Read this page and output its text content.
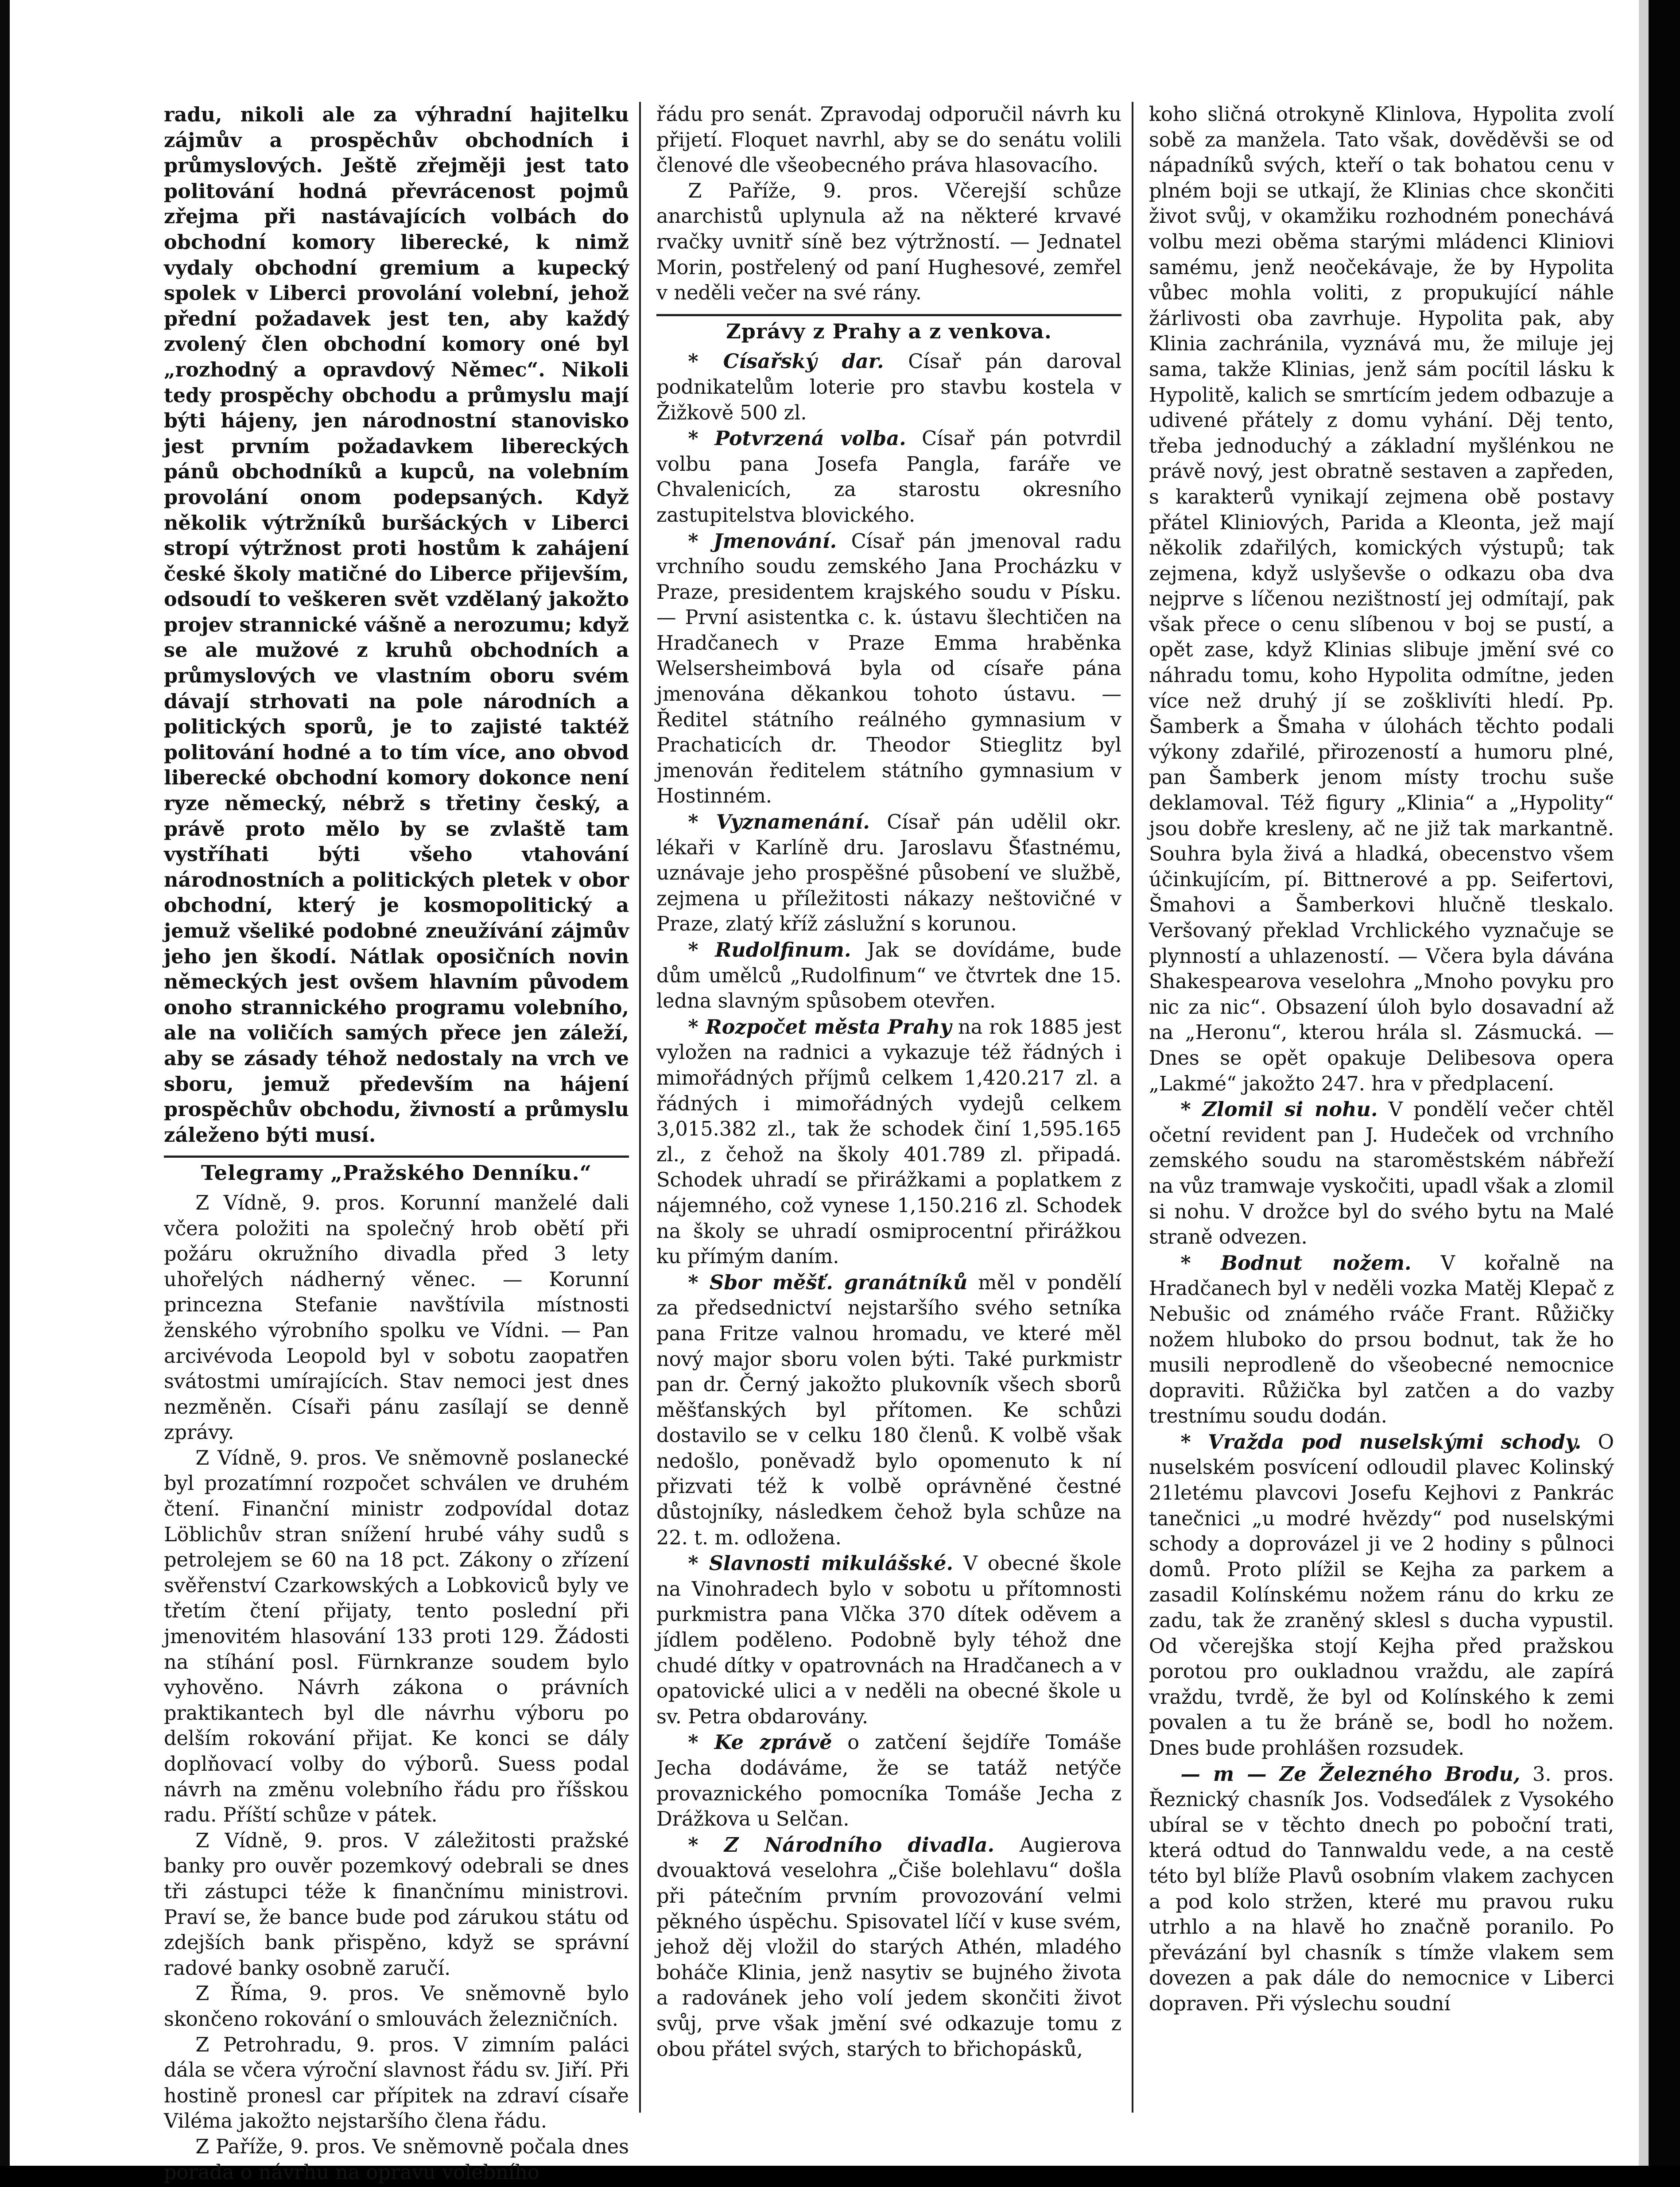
radu, nikoli ale za výhradní hajitelku zájmův a prospěchův obchodních i průmyslových. Ještě zřejměji jest tato politování hodná převrácenost pojmů zřejma při nastávajících volbách do obchodní komory liberecké, k nimž vydaly obchodní gremium a kupecký spolek v Liberci provolání volební, jehož přední požadavek jest ten, aby každý zvolený člen obchodní komory oné byl „rozhodný a opravdový Němec“. Nikoli tedy prospěchy obchodu a průmyslu mají býti hájeny, jen národnostní stanovisko jest prvním požadavkem libereckých pánů obchodníků a kupců, na volebním provolání onom podepsaných. Když několik výtržníků buršáckých v Liberci stropí výtržnost proti hostům k zahájení české školy matičné do Liberce přijevším, odsoudí to veškeren svět vzdělaný jakožto projev strannické vášně a nerozumu; když se ale mužové z kruhů obchodních a průmyslových ve vlastním oboru svém dávají strhovati na pole národních a politických sporů, je to zajisté taktéž politování hodné a to tím více, ano obvod liberecké obchodní komory dokonce není ryze německý, nébrž s třetiny český, a právě proto mělo by se zvlaště tam vystříhati býti všeho vtahování národnostních a politických pletek v obor obchodní, který je kosmopolitický a jemuž všeliké podobné zneužívání zájmův jeho jen škodí. Nátlak oposičních novin německých jest ovšem hlavním původem onoho strannického programu volebního, ale na voličích samých přece jen záleží, aby se zásady téhož nedostaly na vrch ve sboru, jemuž především na hájení prospěchův obchodu, živností a průmyslu záleženo býti musí.

Telegramy „Pražského Denníku.“

Z Vídně, 9. pros. Korunní manželé dali včera položiti na společný hrob obětí při požáru okružního divadla před 3 lety uhořelých nádherný věnec. — Korunní princezna Stefanie navštívila místnosti ženského výrobního spolku ve Vídni. — Pan arcivévoda Leopold byl v sobotu zaopatřen svátostmi umírajících. Stav nemoci jest dnes nezměněn. Císaři pánu zasílají se denně zprávy.

Z Vídně, 9. pros. Ve sněmovně poslanecké byl prozatímní rozpočet schválen ve druhém čtení. Finanční ministr zodpovídal dotaz Löblichův stran snížení hrubé váhy sudů s petrolejem se 60 na 18 pct. Zákony o zřízení svěřenství Czarkowských a Lobkoviců byly ve třetím čtení přijaty, tento poslední při jmenovitém hlasování 133 proti 129. Žádosti na stíhání posl. Fürnkranze soudem bylo vyhověno. Návrh zákona o právních praktikantech byl dle návrhu výboru po delším rokování přijat. Ke konci se dály doplňovací volby do výborů. Suess podal návrh na změnu volebního řádu pro říšskou radu. Příští schůze v pátek.

Z Vídně, 9. pros. V záležitosti pražské banky pro ouvěr pozemkový odebrali se dnes tři zástupci téže k finančnímu ministrovi. Praví se, že bance bude pod zárukou státu od zdejších bank přispěno, když se správní radové banky osobně zaručí.

Z Říma, 9. pros. Ve sněmovně bylo skončeno rokování o smlouvách železničních.

Z Petrohradu, 9. pros. V zimním paláci dála se včera výroční slavnost řádu sv. Jiří. Při hostině pronesl car přípitek na zdraví císaře Viléma jakožto nejstaršího člena řádu.

Z Paříže, 9. pros. Ve sněmovně počala dnes porada o návrhu na opravu volebního

řádu pro senát. Zpravodaj odporučil návrh ku přijetí. Floquet navrhl, aby se do senátu volili členové dle všeobecného práva hlasovacího.

Z Paříže, 9. pros. Včerejší schůze anarchistů uplynula až na některé krvavé rvačky uvnitř síně bez výtržností. — Jednatel Morin, postřelený od paní Hughesové, zemřel v neděli večer na své rány.

Zprávy z Prahy a z venkova.

* Císařský dar. Císař pán daroval podnikatelům loterie pro stavbu kostela v Žižkově 500 zl.

* Potvrzená volba. Císař pán potvrdil volbu pana Josefa Pangla, faráře ve Chvalenicích, za starostu okresního zastupitelstva blovického.

* Jmenování. Císař pán jmenoval radu vrchního soudu zemského Jana Procházku v Praze, presidentem krajského soudu v Písku. — První asistentka c. k. ústavu šlechtičen na Hradčanech v Praze Emma hraběnka Welsersheimbová byla od císaře pána jmenována děkankou tohoto ústavu. — Ředitel státního reálného gymnasium v Prachaticích dr. Theodor Stieglitz byl jmenován ředitelem státního gymnasium v Hostinném.

* Vyznamenání. Císař pán udělil okr. lékaři v Karlíně dru. Jaroslavu Šťastnému, uznávaje jeho prospěšné působení ve službě, zejmena u příležitosti nákazy neštovičné v Praze, zlatý kříž záslužní s korunou.

* Rudolfinum. Jak se dovídáme, bude dům umělců „Rudolfinum“ ve čtvrtek dne 15. ledna slavným spůsobem otevřen.

* Rozpočet města Prahy na rok 1885 jest vyložen na radnici a vykazuje též řádných i mimořádných příjmů celkem 1,420.217 zl. a řádných i mimořádných vydejů celkem 3,015.382 zl., tak že schodek činí 1,595.165 zl., z čehož na školy 401.789 zl. připadá. Schodek uhradí se přirážkami a poplatkem z nájemného, což vynese 1,150.216 zl. Schodek na školy se uhradí osmiprocentní přirážkou ku přímým daním.

* Sbor měšť. granátníků měl v pondělí za předsednictví nejstaršího svého setníka pana Fritze valnou hromadu, ve které měl nový major sboru volen býti. Také purkmistr pan dr. Černý jakožto plukovník všech sborů měšťanských byl přítomen. Ke schůzi dostavilo se v celku 180 členů. K volbě však nedošlo, poněvadž bylo opomenuto k ní přizvati též k volbě oprávněné čestné důstojníky, následkem čehož byla schůze na 22. t. m. odložena.

* Slavnosti mikulášské. V obecné škole na Vinohradech bylo v sobotu u přítomnosti purkmistra pana Vlčka 370 dítek oděvem a jídlem poděleno. Podobně byly téhož dne chudé dítky v opatrovnách na Hradčanech a v opatovické ulici a v neděli na obecné škole u sv. Petra obdarovány.

* Ke zprávě o zatčení šejdíře Tomáše Jecha dodáváme, že se tatáž netýče provaznického pomocníka Tomáše Jecha z Drážkova u Selčan.

* Z Národního divadla. Augierova dvouaktová veselohra „Čiše bolehlavu“ došla při pátečním prvním provozování velmi pěkného úspěchu. Spisovatel líčí v kuse svém, jehož děj vložil do starých Athén, mladého boháče Klinia, jenž nasytiv se bujného života a radovánek jeho volí jedem skončiti život svůj, prve však jmění své odkazuje tomu z obou přátel svých, starých to břichopásků,

koho sličná otrokyně Klinlova, Hypolita zvolí sobě za manžela. Tato však, dověděvši se od nápadníků svých, kteří o tak bohatou cenu v plném boji se utkají, že Klinias chce skončiti život svůj, v okamžiku rozhodném ponechává volbu mezi oběma starými mládenci Kliniovi samému, jenž neočekávaje, že by Hypolita vůbec mohla voliti, z propukující náhle žárlivosti oba zavrhuje. Hypolita pak, aby Klinia zachránila, vyznává mu, že miluje jej sama, takže Klinias, jenž sám pocítil lásku k Hypolitě, kalich se smrtícím jedem odbazuje a udivené přátely z domu vyhání. Děj tento, třeba jednoduchý a základní myšlénkou ne právě nový, jest obratně sestaven a zapředen, s karakterů vynikají zejmena obě postavy přátel Kliniových, Parida a Kleonta, jež mají několik zdařilých, komických výstupů; tak zejmena, když uslyševše o odkazu oba dva nejprve s líčenou nezištností jej odmítají, pak však přece o cenu slíbenou v boj se pustí, a opět zase, když Klinias slibuje jmění své co náhradu tomu, koho Hypolita odmítne, jeden více než druhý jí se zošklivíti hledí. Pp. Šamberk a Šmaha v úlohách těchto podali výkony zdařilé, přirozeností a humoru plné, pan Šamberk jenom místy trochu suše deklamoval. Též figury „Klinia“ a „Hypolity“ jsou dobře kresleny, ač ne již tak markantně. Souhra byla živá a hladká, obecenstvo všem účinkujícím, pí. Bittnerové a pp. Seifertovi, Šmahovi a Šamberkovi hlučně tleskalo. Veršovaný překlad Vrchlického vyznačuje se plynností a uhlazeností. — Včera byla dávána Shakespearova veselohra „Mnoho povyku pro nic za nic“. Obsazení úloh bylo dosavadní až na „Heronu“, kterou hrála sl. Zásmucká. — Dnes se opět opakuje Delibesova opera „Lakmé“ jakožto 247. hra v předplacení.

* Zlomil si nohu. V pondělí večer chtěl očetní revident pan J. Hudeček od vrchního zemského soudu na staroměstském nábřeží na vůz tramwaje vyskočiti, upadl však a zlomil si nohu. V drožce byl do svého bytu na Malé straně odvezen.

* Bodnut nožem. V kořalně na Hradčanech byl v neděli vozka Matěj Klepač z Nebušic od známého rváče Frant. Růžičky nožem hluboko do prsou bodnut, tak že ho musili neprodleně do všeobecné nemocnice dopraviti. Růžička byl zatčen a do vazby trestnímu soudu dodán.

* Vražda pod nuselskými schody. O nuselském posvícení odloudil plavec Kolinský 21letému plavcovi Josefu Kejhovi z Pankrác tanečnici „u modré hvězdy“ pod nuselskými schody a doprovázel ji ve 2 hodiny s půlnoci domů. Proto plížil se Kejha za parkem a zasadil Kolínskému nožem ránu do krku ze zadu, tak že zraněný sklesl s ducha vypustil. Od včerejška stojí Kejha před pražskou porotou pro oukladnou vraždu, ale zapírá vraždu, tvrdě, že byl od Kolínského k zemi povalen a tu že bráně se, bodl ho nožem. Dnes bude prohlášen rozsudek.

— m — Ze Železného Brodu, 3. pros. Řeznický chasník Jos. Vodseďálek z Vysokého ubíral se v těchto dnech po poboční trati, která odtud do Tannwaldu vede, a na cestě této byl blíže Plavů osobním vlakem zachycen a pod kolo stržen, které mu pravou ruku utrhlo a na hlavě ho značně poranilo. Po převázání byl chasník s tímže vlakem sem dovezen a pak dále do nemocnice v Liberci dopraven. Při výslechu soudní
